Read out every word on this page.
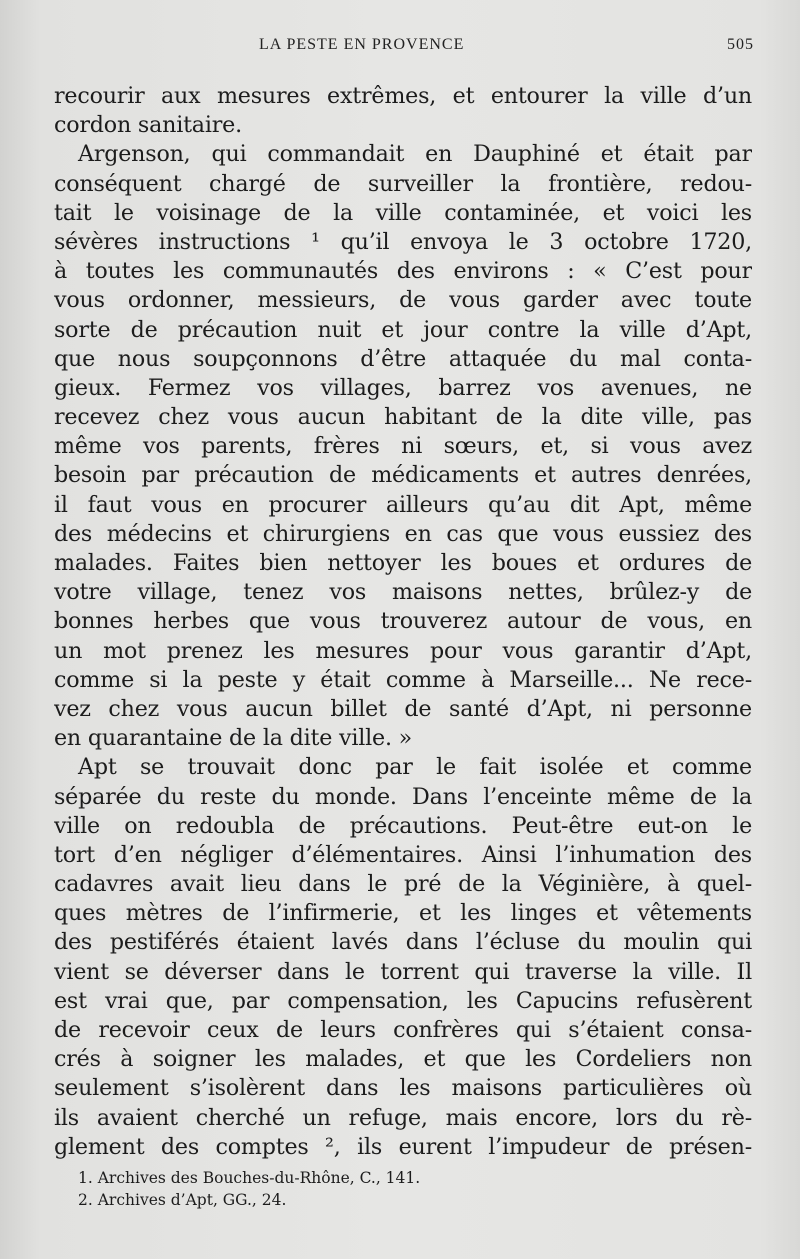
LA PESTE EN PROVENCE	505
recourir aux mesures extrêmes, et entourer la ville d’un
cordon sanitaire.
Argenson, qui commandait en Dauphiné et était par
conséquent chargé de surveiller la frontière, redou-
tait le voisinage de la ville contaminée, et voici les
sévères instructions ¹ qu’il envoya le 3 octobre 1720,
à toutes les communautés des environs : « C’est pour
vous ordonner, messieurs, de vous garder avec toute
sorte de précaution nuit et jour contre la ville d’Apt,
que nous soupçonnons d’être attaquée du mal conta-
gieux. Fermez vos villages, barrez vos avenues, ne
recevez chez vous aucun habitant de la dite ville, pas
même vos parents, frères ni sœurs, et, si vous avez
besoin par précaution de médicaments et autres denrées,
il faut vous en procurer ailleurs qu’au dit Apt, même
des médecins et chirurgiens en cas que vous eussiez des
malades. Faites bien nettoyer les boues et ordures de
votre village, tenez vos maisons nettes, brûlez-y de
bonnes herbes que vous trouverez autour de vous, en
un mot prenez les mesures pour vous garantir d’Apt,
comme si la peste y était comme à Marseille... Ne rece-
vez chez vous aucun billet de santé d’Apt, ni personne
en quarantaine de la dite ville. »
Apt se trouvait donc par le fait isolée et comme
séparée du reste du monde. Dans l’enceinte même de la
ville on redoubla de précautions. Peut-être eut-on le
tort d’en négliger d’élémentaires. Ainsi l’inhumation des
cadavres avait lieu dans le pré de la Véginière, à quel-
ques mètres de l’infirmerie, et les linges et vêtements
des pestiférés étaient lavés dans l’écluse du moulin qui
vient se déverser dans le torrent qui traverse la ville. Il
est vrai que, par compensation, les Capucins refusèrent
de recevoir ceux de leurs confrères qui s’étaient consa-
crés à soigner les malades, et que les Cordeliers non
seulement s’isolèrent dans les maisons particulières où
ils avaient cherché un refuge, mais encore, lors du rè-
glement des comptes ², ils eurent l’impudeur de présen-
1. Archives des Bouches-du-Rhône, C., 141.
2. Archives d’Apt, GG., 24.
